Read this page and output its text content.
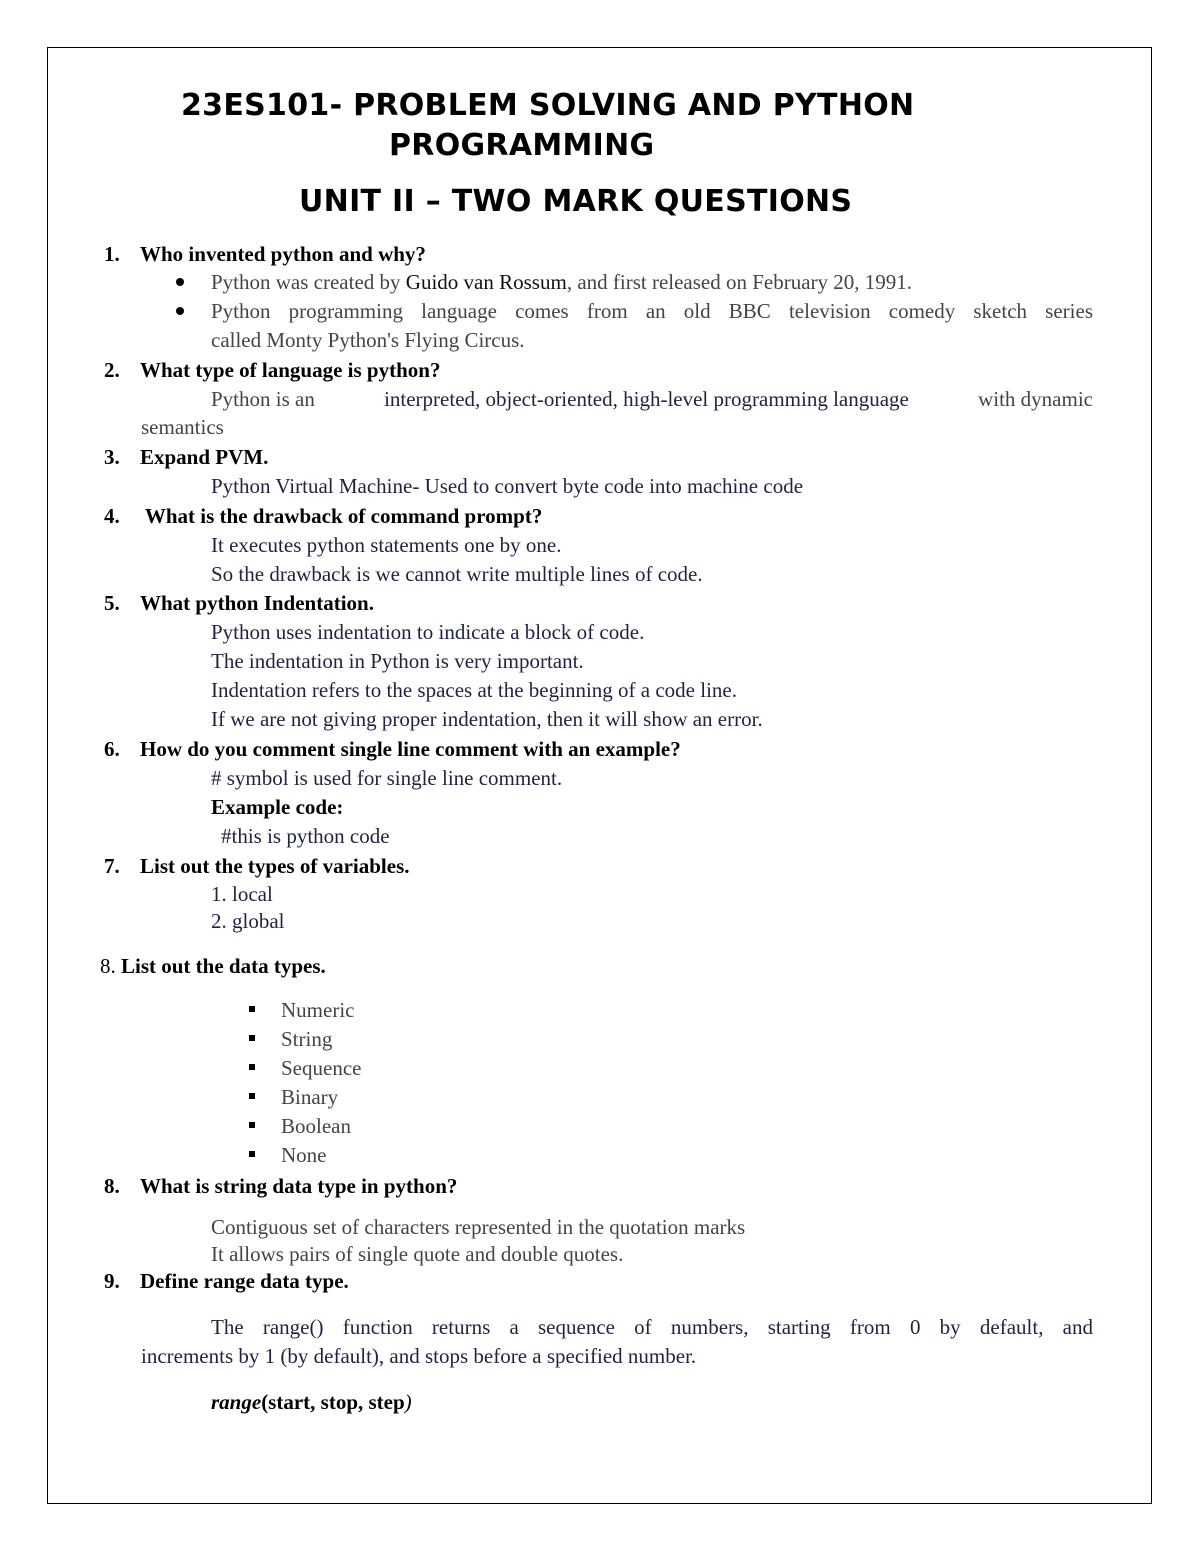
23ES101- PROBLEM SOLVING AND PYTHON
PROGRAMMING
UNIT II – TWO MARK QUESTIONS
1. Who invented python and why?
Python was created by Guido van Rossum, and first released on February 20, 1991.
Python programming language comes from an old BBC television comedy sketch series
called Monty Python's Flying Circus.
2. What type of language is python?
Python is an	interpreted, object-oriented, high-level programming language	with dynamic
semantics
3. Expand PVM.
Python Virtual Machine- Used to convert byte code into machine code
4. What is the drawback of command prompt?
It executes python statements one by one.
So the drawback is we cannot write multiple lines of code.
5. What python Indentation.
Python uses indentation to indicate a block of code.
The indentation in Python is very important.
Indentation refers to the spaces at the beginning of a code line.
If we are not giving proper indentation, then it will show an error.
6. How do you comment single line comment with an example?
# symbol is used for single line comment.
Example code:
#this is python code
7. List out the types of variables.
1. local
2. global
8. List out the data types.
Numeric
String
Sequence
Binary
Boolean
None
8. What is string data type in python?
Contiguous set of characters represented in the quotation marks
It allows pairs of single quote and double quotes.
9. Define range data type.
The range() function returns a sequence of numbers, starting from 0 by default, and
increments by 1 (by default), and stops before a specified number.
range(start, stop, step)
